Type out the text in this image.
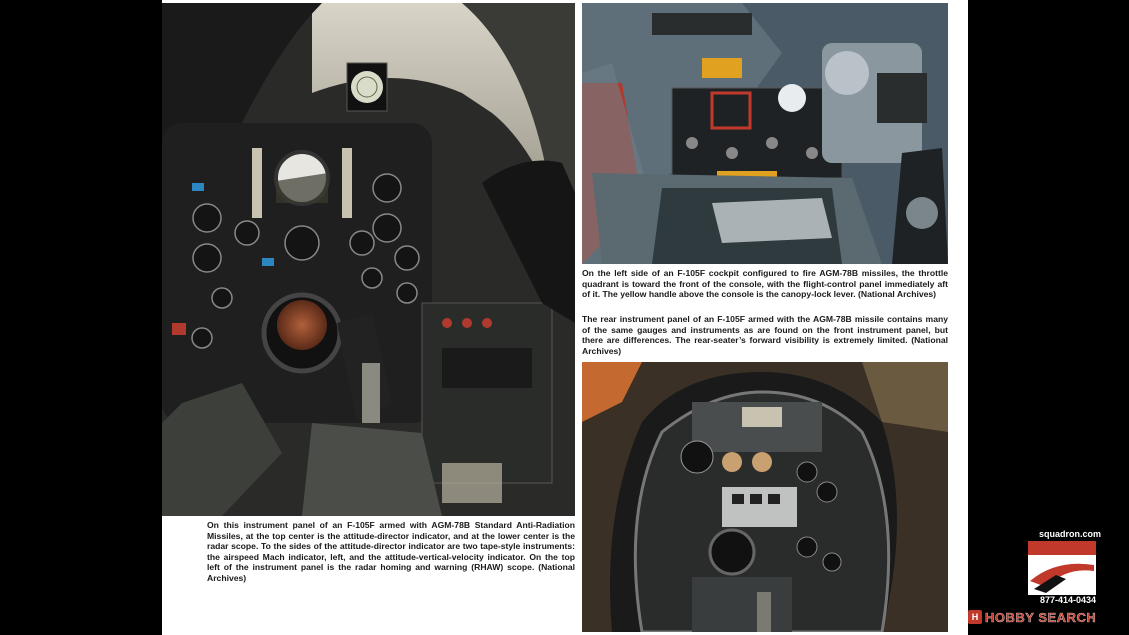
On this instrument panel of an F-105F armed with AGM-78B Standard Anti-Radiation Missiles, at the top center is the attitude-director indicator, and at the lower center is the radar scope. To the sides of the attitude-director indicator are two tape-style instruments: the airspeed Mach indicator, left, and the attitude-vertical-velocity indicator. On the top left of the instrument panel is the radar homing and warning (RHAW) scope. (National Archives)

On the left side of an F-105F cockpit configured to fire AGM-78B missiles, the throttle quadrant is toward the front of the console, with the flight-control panel immediately aft of it. The yellow handle above the console is the canopy-lock lever. (National Archives)

The rear instrument panel of an F-105F armed with the AGM-78B missile contains many of the same gauges and instruments as are found on the front instrument panel, but there are differences. The rear-seater’s forward visibility is extremely limited. (National Archives)

squadron.com
877-414-0434
H HOBBY SEARCH
